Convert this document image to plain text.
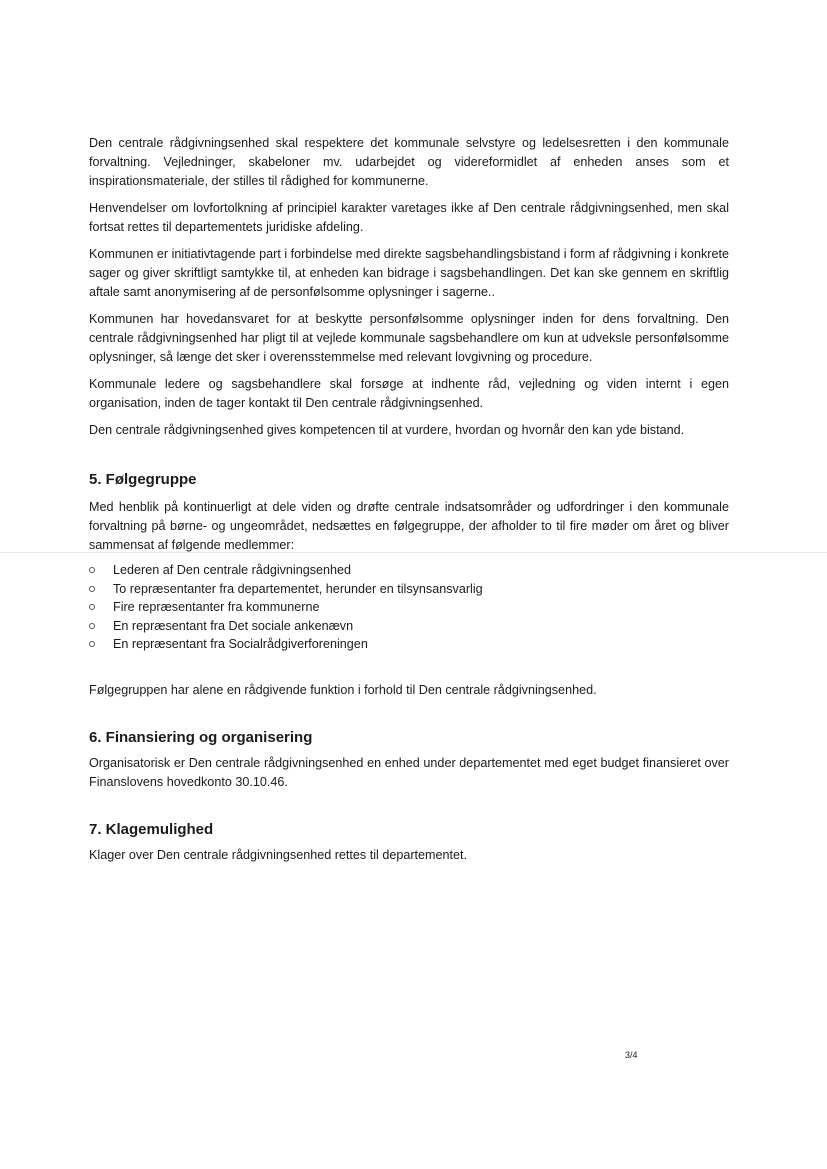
Den centrale rådgivningsenhed skal respektere det kommunale selvstyre og ledelsesretten i den kommunale forvaltning. Vejledninger, skabeloner mv. udarbejdet og videreformidlet af enheden anses som et inspirationsmateriale, der stilles til rådighed for kommunerne.

Henvendelser om lovfortolkning af principiel karakter varetages ikke af Den centrale rådgivningsenhed, men skal fortsat rettes til departementets juridiske afdeling.

Kommunen er initiativtagende part i forbindelse med direkte sagsbehandlingsbistand i form af rådgivning i konkrete sager og giver skriftligt samtykke til, at enheden kan bidrage i sagsbehandlingen. Det kan ske gennem en skriftlig aftale samt anonymisering af de personfølsomme oplysninger i sagerne..

Kommunen har hovedansvaret for at beskytte personfølsomme oplysninger inden for dens forvaltning. Den centrale rådgivningsenhed har pligt til at vejlede kommunale sagsbehandlere om kun at udveksle personfølsomme oplysninger, så længe det sker i overensstemmelse med relevant lovgivning og procedure.

Kommunale ledere og sagsbehandlere skal forsøge at indhente råd, vejledning og viden internt i egen organisation, inden de tager kontakt til Den centrale rådgivningsenhed.

Den centrale rådgivningsenhed gives kompetencen til at vurdere, hvordan og hvornår den kan yde bistand.

5. Følgegruppe

Med henblik på kontinuerligt at dele viden og drøfte centrale indsatsområder og udfordringer i den kommunale forvaltning på børne- og ungeområdet, nedsættes en følgegruppe, der afholder to til fire møder om året og bliver sammensat af følgende medlemmer:

Lederen af Den centrale rådgivningsenhed
To repræsentanter fra departementet, herunder en tilsynsansvarlig
Fire repræsentanter fra kommunerne
En repræsentant fra Det sociale ankenævn
En repræsentant fra Socialrådgiverforeningen

Følgegruppen har alene en rådgivende funktion i forhold til Den centrale rådgivningsenhed.

6. Finansiering og organisering

Organisatorisk er Den centrale rådgivningsenhed en enhed under departementet med eget budget finansieret over Finanslovens hovedkonto 30.10.46.

7. Klagemulighed

Klager over Den centrale rådgivningsenhed rettes til departementet.

3/4
